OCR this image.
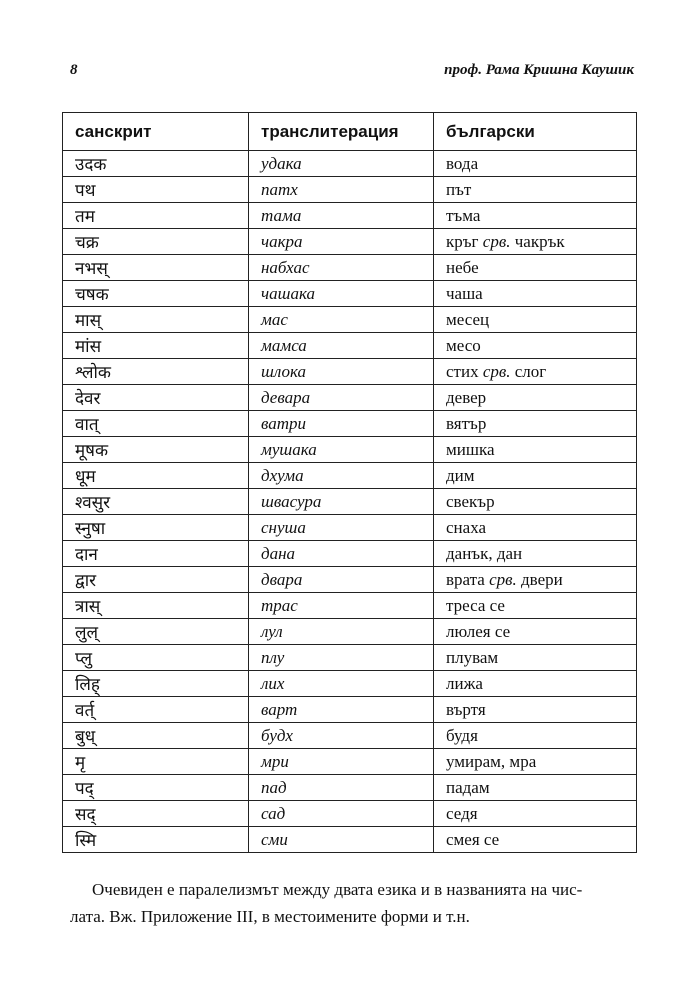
8	проф. Рама Кришна Каушик
санскрит	транслитерация	български
उदक	удака	вода
पथ	патх	път
तम	тама	тъма
चक्र	чакра	кръг срв. чакрък
नभस्	набхас	небе
चषक	чашака	чаша
मास्	мас	месец
मांस	мамса	месо
श्लोक	шлока	стих срв. слог
देवर	девара	девер
वात्	ватри	вятър
मूषक	мушака	мишка
धूम	дхума	дим
श्वसुर	швасура	свекър
स्नुषा	снуша	снаха
दान	дана	данък, дан
द्वार	двара	врата срв. двери
त्रास्	трас	треса се
लुल्	лул	люлея се
प्लु	плу	плувам
लिह्	лих	лижа
वर्त्	варт	въртя
बुध्	будх	будя
मृ	мри	умирам, мра
पद्	пад	падам
सद्	сад	седя
स्मि	сми	смея се

Очевиден е паралелизмът между двата езика и в названията на чис-

лата. Вж. Приложение III, в местоимените форми и т.н.
